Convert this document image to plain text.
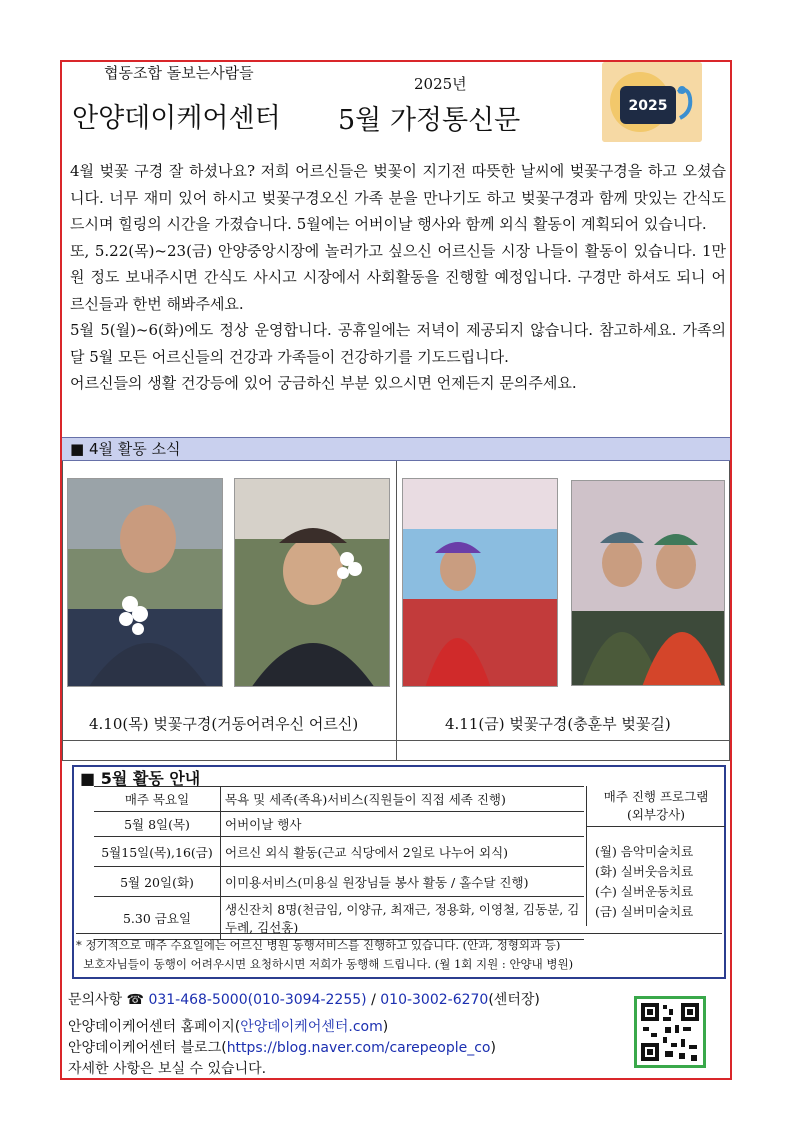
협동조합 돌보는사람들
2025년
안양데이케어센터 5월 가정통신문	2025

4월 벚꽃 구경 잘 하셨나요? 저희 어르신들은 벚꽃이 지기전 따뜻한 날씨에 벚꽃구경을 하고 오셨습니다. 너무 재미 있어 하시고 벚꽃구경오신 가족 분을 만나기도 하고 벚꽃구경과 함께 맛있는 간식도 드시며 힐링의 시간을 가졌습니다. 5월에는 어버이날 행사와 함께 외식 활동이 계획되어 있습니다.

또, 5.22(목)~23(금) 안양중앙시장에 놀러가고 싶으신 어르신들 시장 나들이 활동이 있습니다. 1만원 정도 보내주시면 간식도 사시고 시장에서 사회활동을 진행할 예정입니다. 구경만 하셔도 되니 어르신들과 한번 해봐주세요.

5월 5(월)~6(화)에도 정상 운영합니다. 공휴일에는 저녁이 제공되지 않습니다. 참고하세요. 가족의 달 5월 모든 어르신들의 건강과 가족들이 건강하기를 기도드립니다.

어르신들의 생활 건강등에 있어 궁금하신 부분 있으시면 언제든지 문의주세요.

■ 4월 활동 소식
4.10(목) 벚꽃구경(거동어려우신 어르신)	4.11(금) 벚꽃구경(충훈부 벚꽃길)
■ 5월 활동 안내
매주 목요일	목욕 및 세족(족욕)서비스(직원들이 직접 세족 진행)
5월 8일(목)	어버이날 행사
5월15일(목),16(금)	어르신 외식 활동(근교 식당에서 2일로 나누어 외식)
5월 20일(화)	이미용서비스(미용실 원장님들 봉사 활동 / 홀수달 진행)
5.30 금요일	생신잔치 8명(천금임, 이양규, 최재근, 정용화, 이영철, 김동분, 김두례, 김선홍)
매주 진행 프로그램
(외부강사)
(월) 음악미술치료
(화) 실버웃음치료
(수) 실버운동치료
(금) 실버미술치료
* 정기적으로 매주 수요일에는 어르신 병원 동행서비스를 진행하고 있습니다. (안과, 정형외과 등)
보호자님들이 동행이 어려우시면 요청하시면 저희가 동행해 드립니다. (월 1회 지원 : 안양내 병원)
문의사항 ☎ 031-468-5000(010-3094-2255) / 010-3002-6270(센터장)
안양데이케어센터 홈페이지(안양데이케어센터.com)
안양데이케어센터 블로그(https://blog.naver.com/carepeople_co)
자세한 사항은 보실 수 있습니다.
